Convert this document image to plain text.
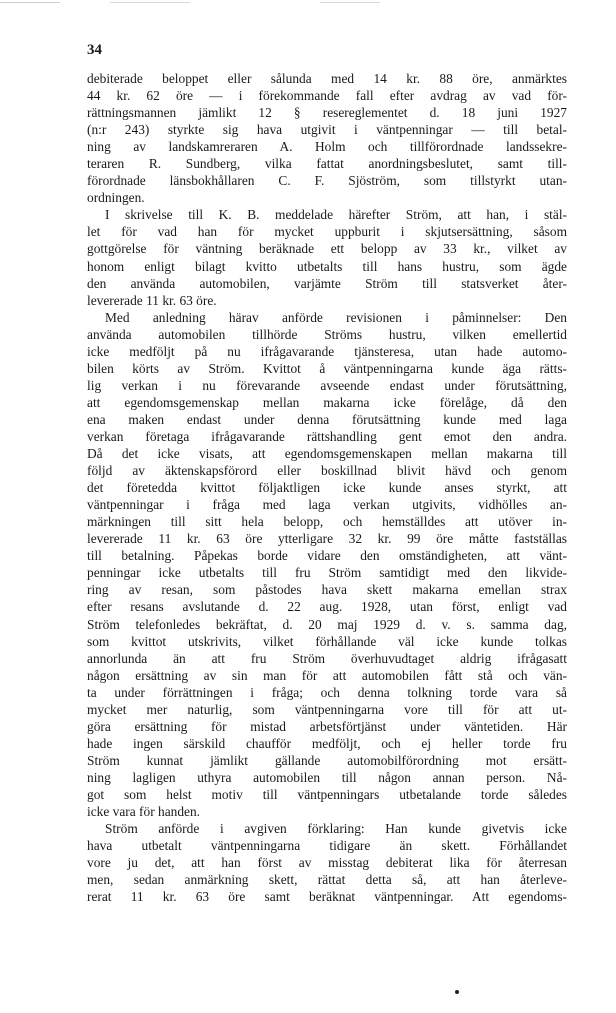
34

debiterade beloppet eller sålunda med 14 kr. 88 öre, anmärktes
44 kr. 62 öre — i förekommande fall efter avdrag av vad för-
rättningsmannen jämlikt 12 § resereglementet d. 18 juni 1927
(n:r 243) styrkte sig hava utgivit i väntpenningar — till betal-
ning av landskamreraren A. Holm och tillförordnade landssekre-
teraren R. Sundberg, vilka fattat anordningsbeslutet, samt till-
förordnade länsbokhållaren C. F. Sjöström, som tillstyrkt utan-
ordningen.

I skrivelse till K. B. meddelade härefter Ström, att han, i stäl-
let för vad han för mycket uppburit i skjutsersättning, såsom
gottgörelse för väntning beräknade ett belopp av 33 kr., vilket av
honom enligt bilagt kvitto utbetalts till hans hustru, som ägde
den använda automobilen, varjämte Ström till statsverket åter-
levererade 11 kr. 63 öre.

Med anledning härav anförde revisionen i påminnelser: Den
använda automobilen tillhörde Ströms hustru, vilken emellertid
icke medföljt på nu ifrågavarande tjänsteresa, utan hade automo-
bilen körts av Ström. Kvittot å väntpenningarna kunde äga rätts-
lig verkan i nu förevarande avseende endast under förutsättning,
att egendomsgemenskap mellan makarna icke förelåge, då den
ena maken endast under denna förutsättning kunde med laga
verkan företaga ifrågavarande rättshandling gent emot den andra.
Då det icke visats, att egendomsgemenskapen mellan makarna till
följd av äktenskapsförord eller boskillnad blivit hävd och genom
det företedda kvittot följaktligen icke kunde anses styrkt, att
väntpenningar i fråga med laga verkan utgivits, vidhölles an-
märkningen till sitt hela belopp, och hemställdes att utöver in-
levererade 11 kr. 63 öre ytterligare 32 kr. 99 öre måtte fastställas
till betalning. Påpekas borde vidare den omständigheten, att vänt-
penningar icke utbetalts till fru Ström samtidigt med den likvide-
ring av resan, som påstodes hava skett makarna emellan strax
efter resans avslutande d. 22 aug. 1928, utan först, enligt vad
Ström telefonledes bekräftat, d. 20 maj 1929 d. v. s. samma dag,
som kvittot utskrivits, vilket förhållande väl icke kunde tolkas
annorlunda än att fru Ström överhuvudtaget aldrig ifrågasatt
någon ersättning av sin man för att automobilen fått stå och vän-
ta under förrättningen i fråga; och denna tolkning torde vara så
mycket mer naturlig, som väntpenningarna vore till för att ut-
göra ersättning för mistad arbetsförtjänst under väntetiden. Här
hade ingen särskild chaufför medföljt, och ej heller torde fru
Ström kunnat jämlikt gällande automobilförordning mot ersätt-
ning lagligen uthyra automobilen till någon annan person. Nå-
got som helst motiv till väntpenningars utbetalande torde således
icke vara för handen.

Ström anförde i avgiven förklaring: Han kunde givetvis icke
hava utbetalt väntpenningarna tidigare än skett. Förhållandet
vore ju det, att han först av misstag debiterat lika för återresan
men, sedan anmärkning skett, rättat detta så, att han återleve-
rerat 11 kr. 63 öre samt beräknat väntpenningar. Att egendoms-
